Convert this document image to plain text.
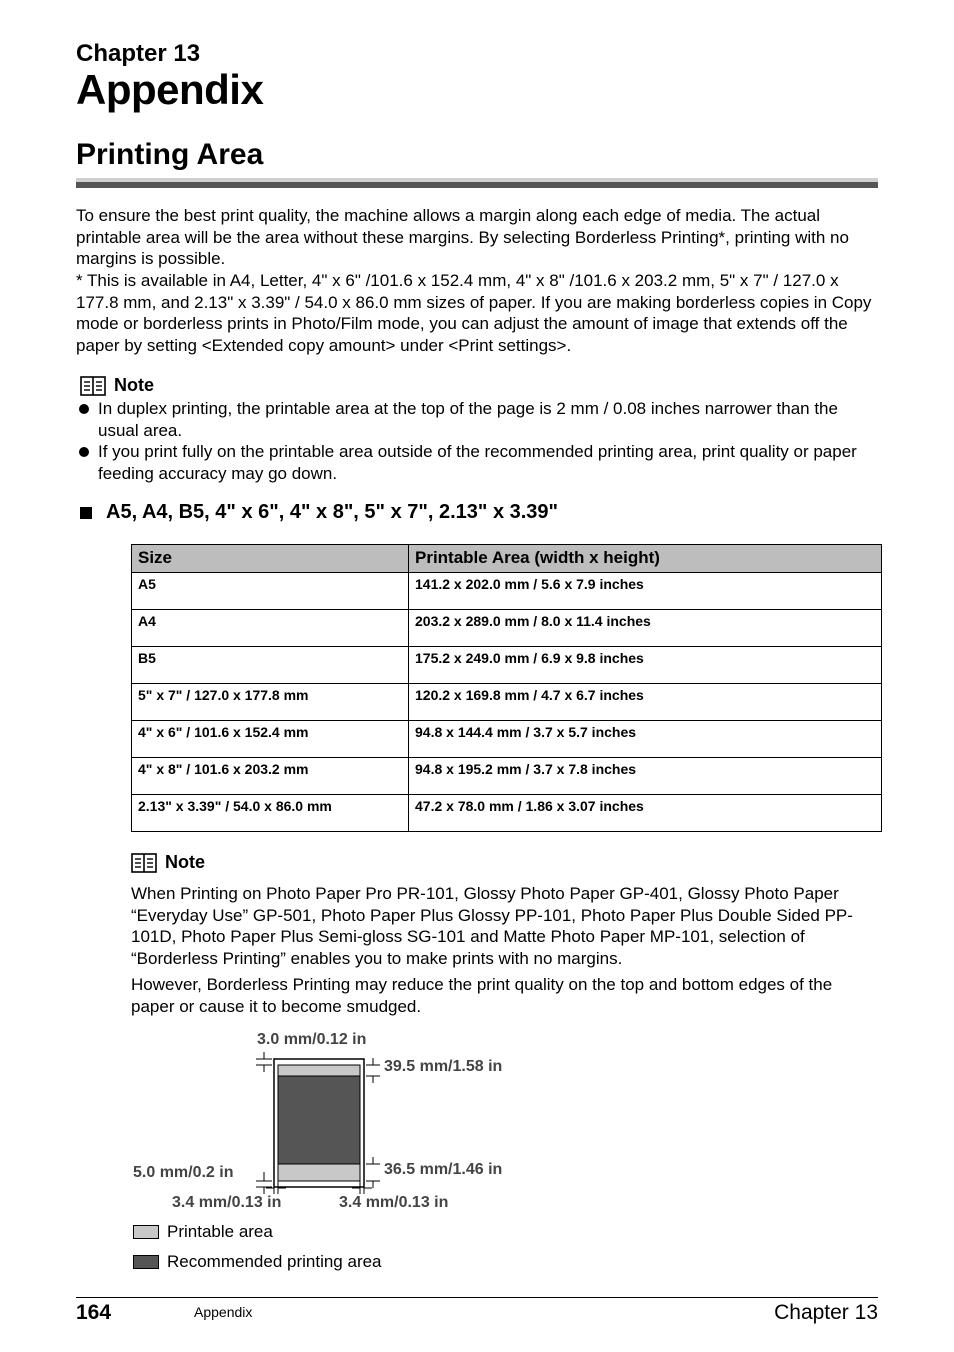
Chapter 13
Appendix
Printing Area
To ensure the best print quality, the machine allows a margin along each edge of media. The actual printable area will be the area without these margins. By selecting Borderless Printing*, printing with no margins is possible.
* This is available in A4, Letter, 4" x 6" /101.6 x 152.4 mm, 4" x 8" /101.6 x 203.2 mm, 5" x 7" / 127.0 x 177.8 mm, and 2.13" x 3.39" / 54.0 x 86.0 mm sizes of paper. If you are making borderless copies in Copy mode or borderless prints in Photo/Film mode, you can adjust the amount of image that extends off the paper by setting <Extended copy amount> under <Print settings>.
Note
In duplex printing, the printable area at the top of the page is 2 mm / 0.08 inches narrower than the usual area.
If you print fully on the printable area outside of the recommended printing area, print quality or paper feeding accuracy may go down.
A5, A4, B5, 4" x 6", 4" x 8", 5" x 7", 2.13" x 3.39"
Size	Printable Area (width x height)
A5	141.2 x 202.0 mm / 5.6 x 7.9 inches
A4	203.2 x 289.0 mm / 8.0 x 11.4 inches
B5	175.2 x 249.0 mm / 6.9 x 9.8 inches
5" x 7" / 127.0 x 177.8 mm	120.2 x 169.8 mm / 4.7 x 6.7 inches
4" x 6" / 101.6 x 152.4 mm	94.8 x 144.4 mm / 3.7 x 5.7 inches
4" x 8" / 101.6 x 203.2 mm	94.8 x 195.2 mm / 3.7 x 7.8 inches
2.13" x 3.39" / 54.0 x 86.0 mm	47.2 x 78.0 mm / 1.86 x 3.07 inches
Note
When Printing on Photo Paper Pro PR-101, Glossy Photo Paper GP-401, Glossy Photo Paper “Everyday Use” GP-501, Photo Paper Plus Glossy PP-101, Photo Paper Plus Double Sided PP-101D, Photo Paper Plus Semi-gloss SG-101 and Matte Photo Paper MP-101, selection of “Borderless Printing” enables you to make prints with no margins.
However, Borderless Printing may reduce the print quality on the top and bottom edges of the paper or cause it to become smudged.
3.0 mm/0.12 in
39.5 mm/1.58 in
5.0 mm/0.2 in	36.5 mm/1.46 in
3.4 mm/0.13 in	3.4 mm/0.13 in
Printable area
Recommended printing area
164	Appendix	Chapter 13
